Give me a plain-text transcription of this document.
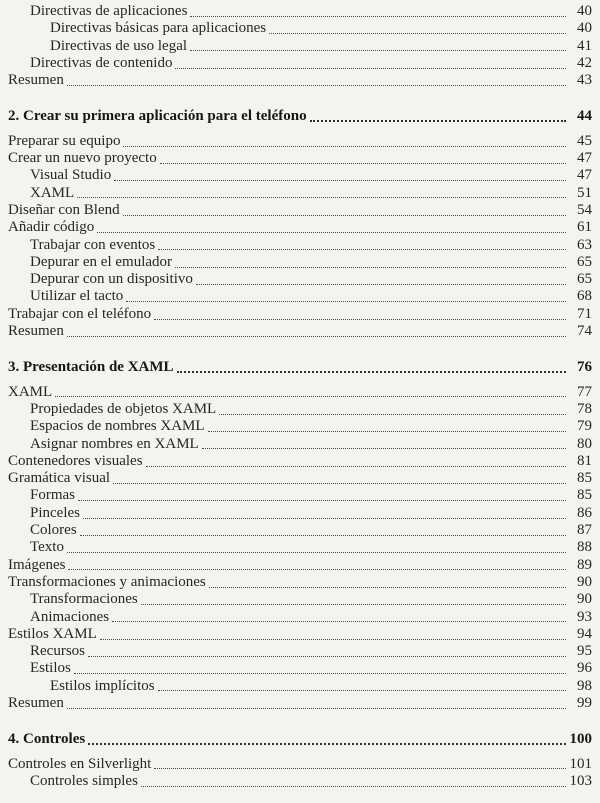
Directivas de aplicaciones	40
Directivas básicas para aplicaciones	40
Directivas de uso legal	41
Directivas de contenido	42
Resumen	43
2. Crear su primera aplicación para el teléfono	44
Preparar su equipo	45
Crear un nuevo proyecto	47
Visual Studio	47
XAML	51
Diseñar con Blend	54
Añadir código	61
Trabajar con eventos	63
Depurar en el emulador	65
Depurar con un dispositivo	65
Utilizar el tacto	68
Trabajar con el teléfono	71
Resumen	74
3. Presentación de XAML	76
XAML	77
Propiedades de objetos XAML	78
Espacios de nombres XAML	79
Asignar nombres en XAML	80
Contenedores visuales	81
Gramática visual	85
Formas	85
Pinceles	86
Colores	87
Texto	88
Imágenes	89
Transformaciones y animaciones	90
Transformaciones	90
Animaciones	93
Estilos XAML	94
Recursos	95
Estilos	96
Estilos implícitos	98
Resumen	99
4. Controles	100
Controles en Silverlight	101
Controles simples	103
